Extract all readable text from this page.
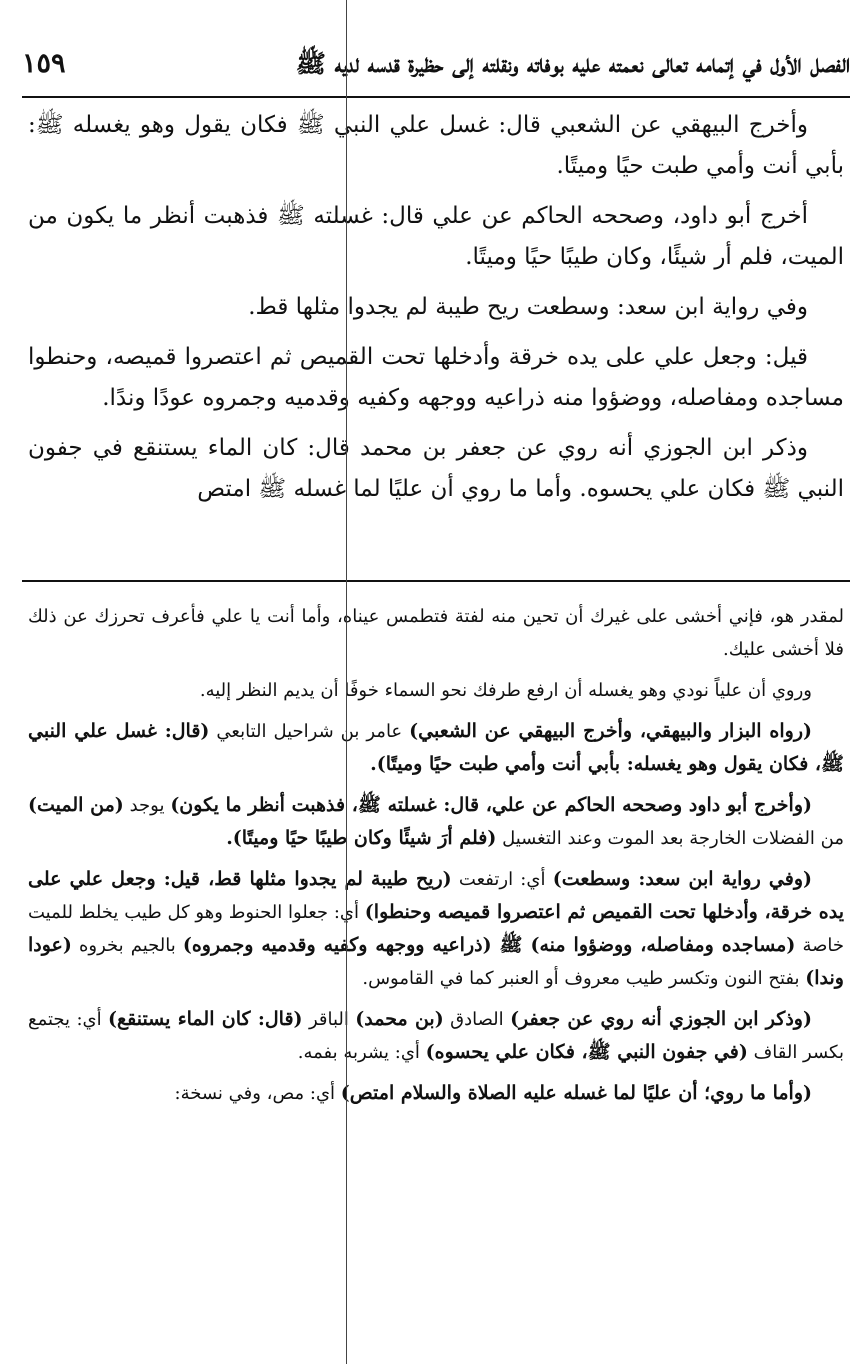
الفصل الأول في إتمامه تعالى نعمته عليه بوفاته ونقلته إلى حظيرة قدسه لديه ﷺ
١٥٩

وأخرج البيهقي عن الشعبي قال: غسل علي النبي ﷺ فكان يقول وهو يغسله ﷺ: بأبي أنت وأمي طبت حيًا وميتًا.

أخرج أبو داود، وصححه الحاكم عن علي قال: غسلته ﷺ فذهبت أنظر ما يكون من الميت، فلم أر شيئًا، وكان طيبًا حيًا وميتًا.

وفي رواية ابن سعد: وسطعت ريح طيبة لم يجدوا مثلها قط.

قيل: وجعل علي على يده خرقة وأدخلها تحت القميص ثم اعتصروا قميصه، وحنطوا مساجده ومفاصله، ووضؤوا منه ذراعيه ووجهه وكفيه وقدميه وجمروه عودًا وندًا.

وذكر ابن الجوزي أنه روي عن جعفر بن محمد قال: كان الماء يستنقع في جفون النبي ﷺ فكان علي يحسوه. وأما ما روي أن عليًا لما غسله ﷺ امتص

لمقدر هو، فإني أخشى على غيرك أن تحين منه لفتة فتطمس عيناه، وأما أنت يا علي فأعرف تحرزك عن ذلك فلا أخشى عليك.

وروي أن علياً نودي وهو يغسله أن ارفع طرفك نحو السماء خوفًا أن يديم النظر إليه.

(رواه البزار والبيهقي، وأخرج البيهقي عن الشعبي) عامر بن شراحيل التابعي (قال: غسل علي النبي ﷺ، فكان يقول وهو يغسله: بأبي أنت وأمي طبت حيًا وميتًا).

(وأخرج أبو داود وصححه الحاكم عن علي، قال: غسلته ﷺ، فذهبت أنظر ما يكون) يوجد (من الميت) من الفضلات الخارجة بعد الموت وعند التغسيل (فلم أرَ شيئًا وكان طيبًا حيًا وميتًا).

(وفي رواية ابن سعد: وسطعت) أي: ارتفعت (ريح طيبة لم يجدوا مثلها قط، قيل: وجعل علي على يده خرقة، وأدخلها تحت القميص ثم اعتصروا قميصه وحنطوا) أي: جعلوا الحنوط وهو كل طيب يخلط للميت خاصة (مساجده ومفاصله، ووضؤوا منه) ﷺ (ذراعيه ووجهه وكفيه وقدميه وجمروه) بالجيم بخروه (عودا وندا) بفتح النون وتكسر طيب معروف أو العنبر كما في القاموس.

(وذكر ابن الجوزي أنه روي عن جعفر) الصادق (بن محمد) الباقر (قال: كان الماء يستنقع) أي: يجتمع بكسر القاف (في جفون النبي ﷺ، فكان علي يحسوه) أي: يشربه بفمه.

(وأما ما روي؛ أن عليًا لما غسله عليه الصلاة والسلام امتص) أي: مص، وفي نسخة:
